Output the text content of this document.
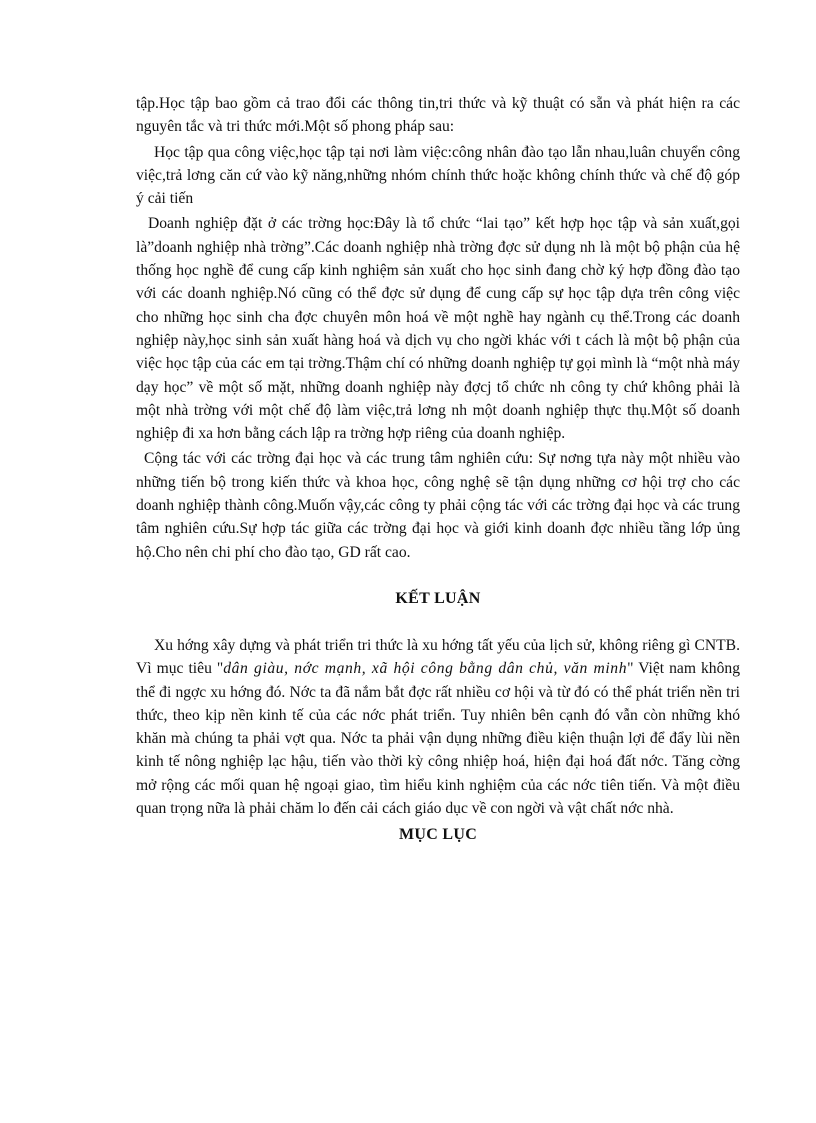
tập.Học tập bao gồm cả trao đổi các thông tin,tri thức và kỹ thuật có sẵn và phát hiện ra các nguyên tắc và tri thức mới.Một số phong pháp sau:

Học tập qua công việc,học tập tại nơi làm việc:công nhân đào tạo lẫn nhau,luân chuyển công việc,trả lơng căn cứ vào kỹ năng,những nhóm chính thức hoặc không chính thức và chế độ góp ý cải tiến

Doanh nghiệp đặt ở các trờng học:Đây là tổ chức “lai tạo” kết hợp học tập và sản xuất,gọi là”doanh nghiệp nhà trờng”.Các doanh nghiệp nhà trờng đợc sử dụng nh là một bộ phận của hệ thống học nghề để cung cấp kinh nghiệm sản xuất cho học sinh đang chờ ký hợp đồng đào tạo với các doanh nghiệp.Nó cũng có thể đợc sử dụng để cung cấp sự học tập dựa trên công việc cho những học sinh cha đợc chuyên môn hoá về một nghề hay ngành cụ thể.Trong các doanh nghiệp này,học sinh sản xuất hàng hoá và dịch vụ cho ngời khác với t cách là một bộ phận của việc học tập của các em tại trờng.Thậm chí có những doanh nghiệp tự gọi mình là “một nhà máy dạy học” về một số mặt, những doanh nghiệp này đợcj tổ chức nh công ty chứ không phải là một nhà trờng với một chế độ làm việc,trả lơng nh một doanh nghiệp thực thụ.Một số doanh nghiệp đi xa hơn bằng cách lập ra trờng hợp riêng của doanh nghiệp.

Cộng tác với các trờng đại học và các trung tâm nghiên cứu: Sự nơng tựa này một nhiều vào những tiến bộ trong kiến thức và khoa học, công nghệ sẽ tận dụng những cơ hội trợ cho các doanh nghiệp thành công.Muốn vậy,các công ty phải cộng tác với các trờng đại học và các trung tâm nghiên cứu.Sự hợp tác giữa các trờng đại học và giới kinh doanh đợc nhiều tầng lớp ủng hộ.Cho nên chi phí cho đào tạo, GD rất cao.

KẾT LUẬN

Xu hớng xây dựng và phát triển tri thức là xu hớng tất yếu của lịch sử, không riêng gì CNTB. Vì mục tiêu "dân giàu, nớc mạnh, xã hội công bằng dân chủ, văn minh" Việt nam không thể đi ngợc xu hớng đó. Nớc ta đã nắm bắt đợc rất nhiều cơ hội và từ đó có thể phát triển nền tri thức, theo kịp nền kinh tế của các nớc phát triển. Tuy nhiên bên cạnh đó vẫn còn những khó khăn mà chúng ta phải vợt qua. Nớc ta phải vận dụng những điều kiện thuận lợi để đẩy lùi nền kinh tế nông nghiệp lạc hậu, tiến vào thời kỳ công nhiệp hoá, hiện đại hoá đất nớc. Tăng cờng mở rộng các mối quan hệ ngoại giao, tìm hiểu kinh nghiệm của các nớc tiên tiến. Và một điều quan trọng nữa là phải chăm lo đến cải cách giáo dục về con ngời và vật chất nớc nhà.

MỤC LỤC
